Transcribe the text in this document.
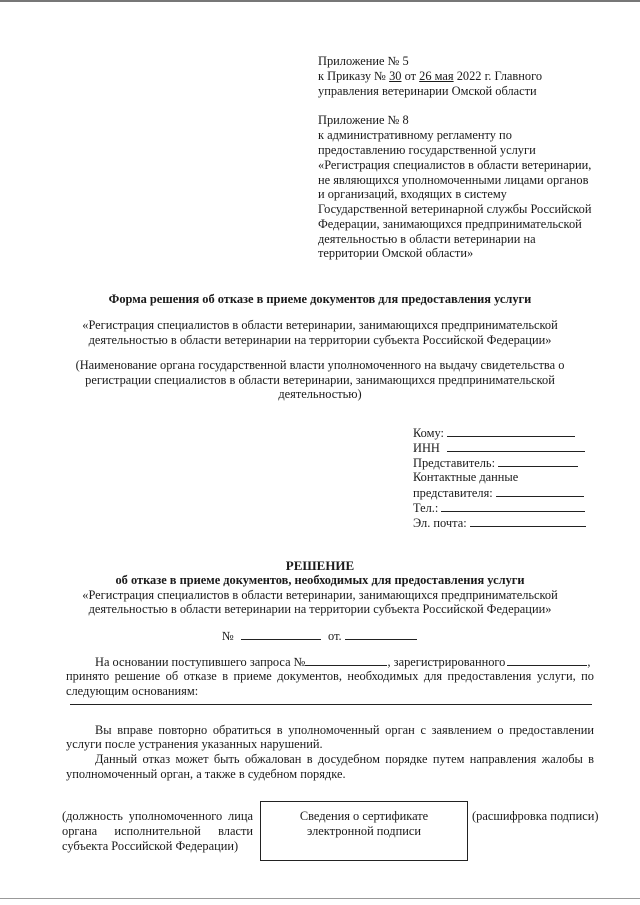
Приложение № 5
к Приказу № 30 от 26 мая 2022 г. Главного
управления ветеринарии Омской области
Приложение № 8
к административному регламенту по
предоставлению государственной услуги
«Регистрация специалистов в области ветеринарии,
не являющихся уполномоченными лицами органов
и организаций, входящих в систему
Государственной ветеринарной службы Российской
Федерации, занимающихся предпринимательской
деятельностью в области ветеринарии на
территории Омской области»
Форма решения об отказе в приеме документов для предоставления услуги
«Регистрация специалистов в области ветеринарии, занимающихся предпринимательской
деятельностью в области ветеринарии на территории субъекта Российской Федерации»
(Наименование органа государственной власти уполномоченного на выдачу свидетельства о
регистрации специалистов в области ветеринарии, занимающихся предпринимательской
деятельностью)
Кому:
ИНН
Представитель:
Контактные данные
представителя:
Тел.:
Эл. почта:
РЕШЕНИЕ
об отказе в приеме документов, необходимых для предоставления услуги
«Регистрация специалистов в области ветеринарии, занимающихся предпринимательской
деятельностью в области ветеринарии на территории субъекта Российской Федерации»
№	от.
На основании поступившего запроса №	, зарегистрированного	,
принято решение об отказе в приеме документов, необходимых для предоставления услуги, по
следующим основаниям:
Вы вправе повторно обратиться в уполномоченный орган с заявлением о предоставлении
услуги после устранения указанных нарушений.
Данный отказ может быть обжалован в досудебном порядке путем направления жалобы в
уполномоченный орган, а также в судебном порядке.
(должность уполномоченного лица
органа исполнительной власти
субъекта Российской Федерации)
Сведения о сертификате
электронной подписи
(расшифровка подписи)
